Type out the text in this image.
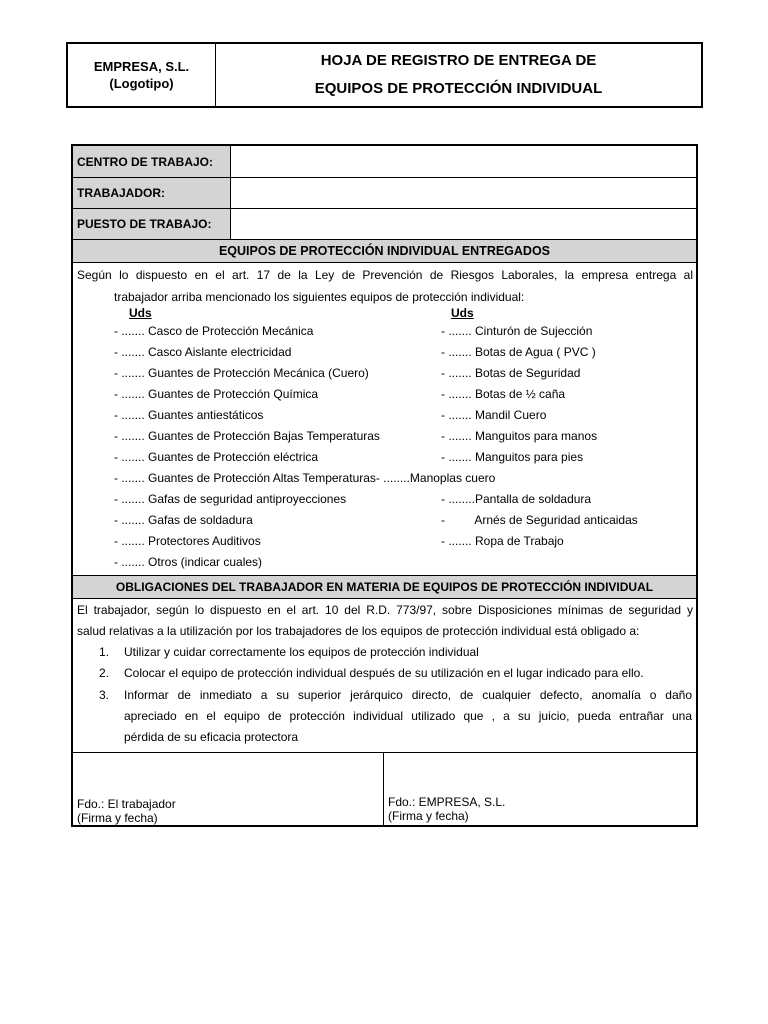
EMPRESA, S.L.
(Logotipo)
HOJA DE REGISTRO DE ENTREGA DE
EQUIPOS DE PROTECCIÓN INDIVIDUAL
CENTRO DE TRABAJO:
TRABAJADOR:
PUESTO DE TRABAJO:
EQUIPOS DE PROTECCIÓN INDIVIDUAL ENTREGADOS
Según lo dispuesto en el art. 17 de la Ley de Prevención de Riesgos Laborales, la empresa entrega al
trabajador arriba mencionado los siguientes equipos de protección individual:
Uds	Uds
- ....... Casco de Protección Mecánica
- ....... Casco Aislante electricidad
- ....... Guantes de Protección Mecánica (Cuero)
- ....... Guantes de Protección Química
- ....... Guantes antiestáticos
- ....... Guantes de Protección Bajas Temperaturas
- ....... Guantes de Protección eléctrica
- ....... Guantes de Protección Altas Temperaturas- ........Manoplas cuero
- ....... Gafas de seguridad antiproyecciones
- ....... Gafas de soldadura
- ....... Protectores Auditivos
- ....... Otros (indicar cuales)
- ....... Cinturón de Sujección
- ....... Botas de Agua ( PVC )
- ....... Botas de Seguridad
- ....... Botas de ½ caña
- ....... Mandil Cuero
- ....... Manguitos para manos
- ....... Manguitos para pies
- ........Pantalla de soldadura
-         Arnés de Seguridad anticaidas
- ....... Ropa de Trabajo
OBLIGACIONES DEL TRABAJADOR EN MATERIA DE EQUIPOS DE PROTECCIÓN INDIVIDUAL
El trabajador, según lo dispuesto en el art. 10 del R.D. 773/97, sobre Disposiciones mínimas de seguridad y
salud relativas a la utilización por los trabajadores de los equipos de protección individual está obligado a:
1. Utilizar y cuidar correctamente los equipos de protección individual
2. Colocar el equipo de protección individual después de su utilización en el lugar indicado para ello.
3. Informar de inmediato a su superior jerárquico directo, de cualquier defecto, anomalía o daño
apreciado en el equipo de protección individual utilizado que , a su juicio, pueda entrañar una
pérdida de su eficacia protectora
Fdo.: El trabajador
(Firma y fecha)
Fdo.: EMPRESA, S.L.
(Firma y fecha)
